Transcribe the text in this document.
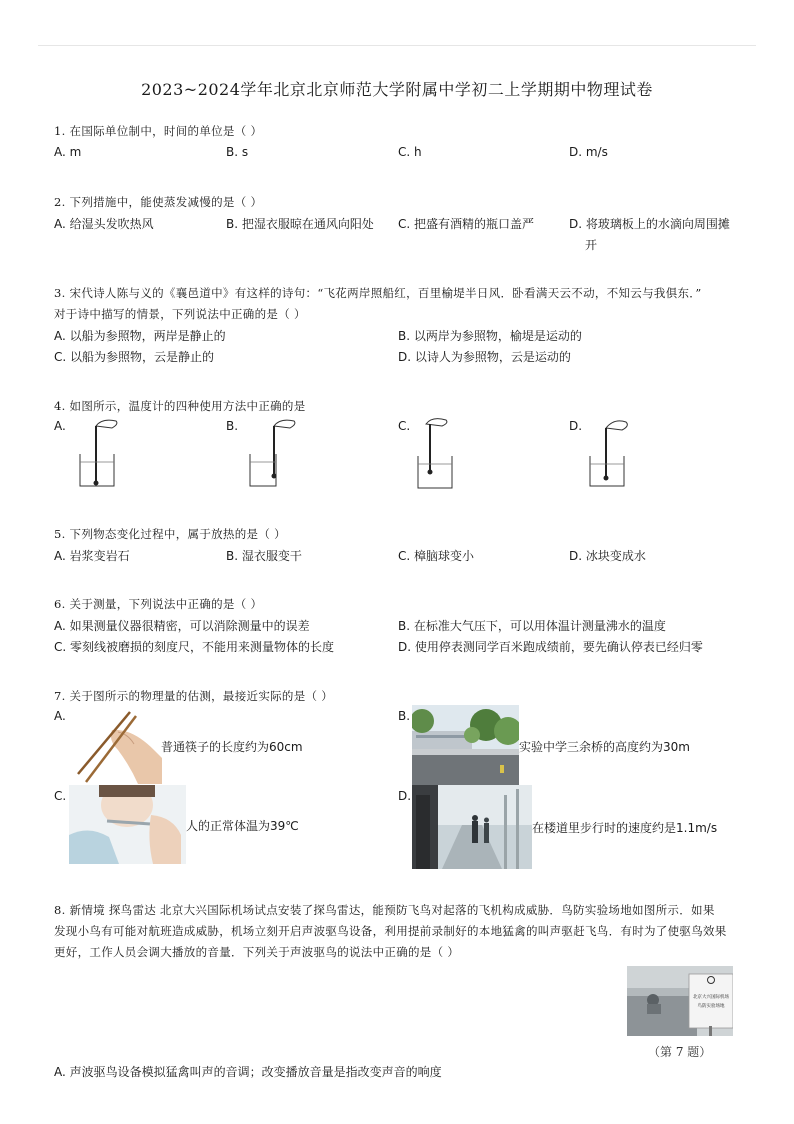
2023~2024学年北京北京师范大学附属中学初二上学期期中物理试卷
1. 在国际单位制中，时间的单位是（ ）
A. m	B. s	C. h	D. m/s
2. 下列措施中，能使蒸发减慢的是（ ）
A. 给湿头发吹热风	B. 把湿衣服晾在通风向阳处 C. 把盛有酒精的瓶口盖严	D. 将玻璃板上的水滴向周围摊
开
3. 宋代诗人陈与义的《襄邑道中》有这样的诗句：“飞花两岸照船红，百里榆堤半日风．卧看满天云不动，不知云与我俱东．”
对于诗中描写的情景，下列说法中正确的是（ ）
A. 以船为参照物，两岸是静止的	B. 以两岸为参照物，榆堤是运动的
C. 以船为参照物，云是静止的	D. 以诗人为参照物，云是运动的
4. 如图所示，温度计的四种使用方法中正确的是
A.	B.	C.	D.
5. 下列物态变化过程中，属于放热的是（ ）
A. 岩浆变岩石	B. 湿衣服变干	C. 樟脑球变小	D. 冰块变成水
6. 关于测量，下列说法中正确的是（ ）
A. 如果测量仪器很精密，可以消除测量中的误差	B. 在标准大气压下，可以用体温计测量沸水的温度
C. 零刻线被磨损的刻度尺，不能用来测量物体的长度	D. 使用停表测同学百米跑成绩前，要先确认停表已经归零
7. 关于图所示的物理量的估测，最接近实际的是（ ）
A.	B.
C.	D.
普通筷子的长度约为60cm	实验中学三余桥的高度约为30m
人的正常体温为39℃	在楼道里步行时的速度约是1.1m/s
8. 新情境 探鸟雷达 北京大兴国际机场试点安装了探鸟雷达，能预防飞鸟对起落的飞机构成威胁．鸟防实验场地如图所示．如果
发现小鸟有可能对航班造成威胁，机场立刻开启声波驱鸟设备，利用提前录制好的本地猛禽的叫声驱赶飞鸟．有时为了使驱鸟效果
更好，工作人员会调大播放的音量．下列关于声波驱鸟的说法中正确的是（ ）
北京大兴国际机场
鸟防实验场地
（第 7 题）
A. 声波驱鸟设备模拟猛禽叫声的音调；改变播放音量是指改变声音的响度
